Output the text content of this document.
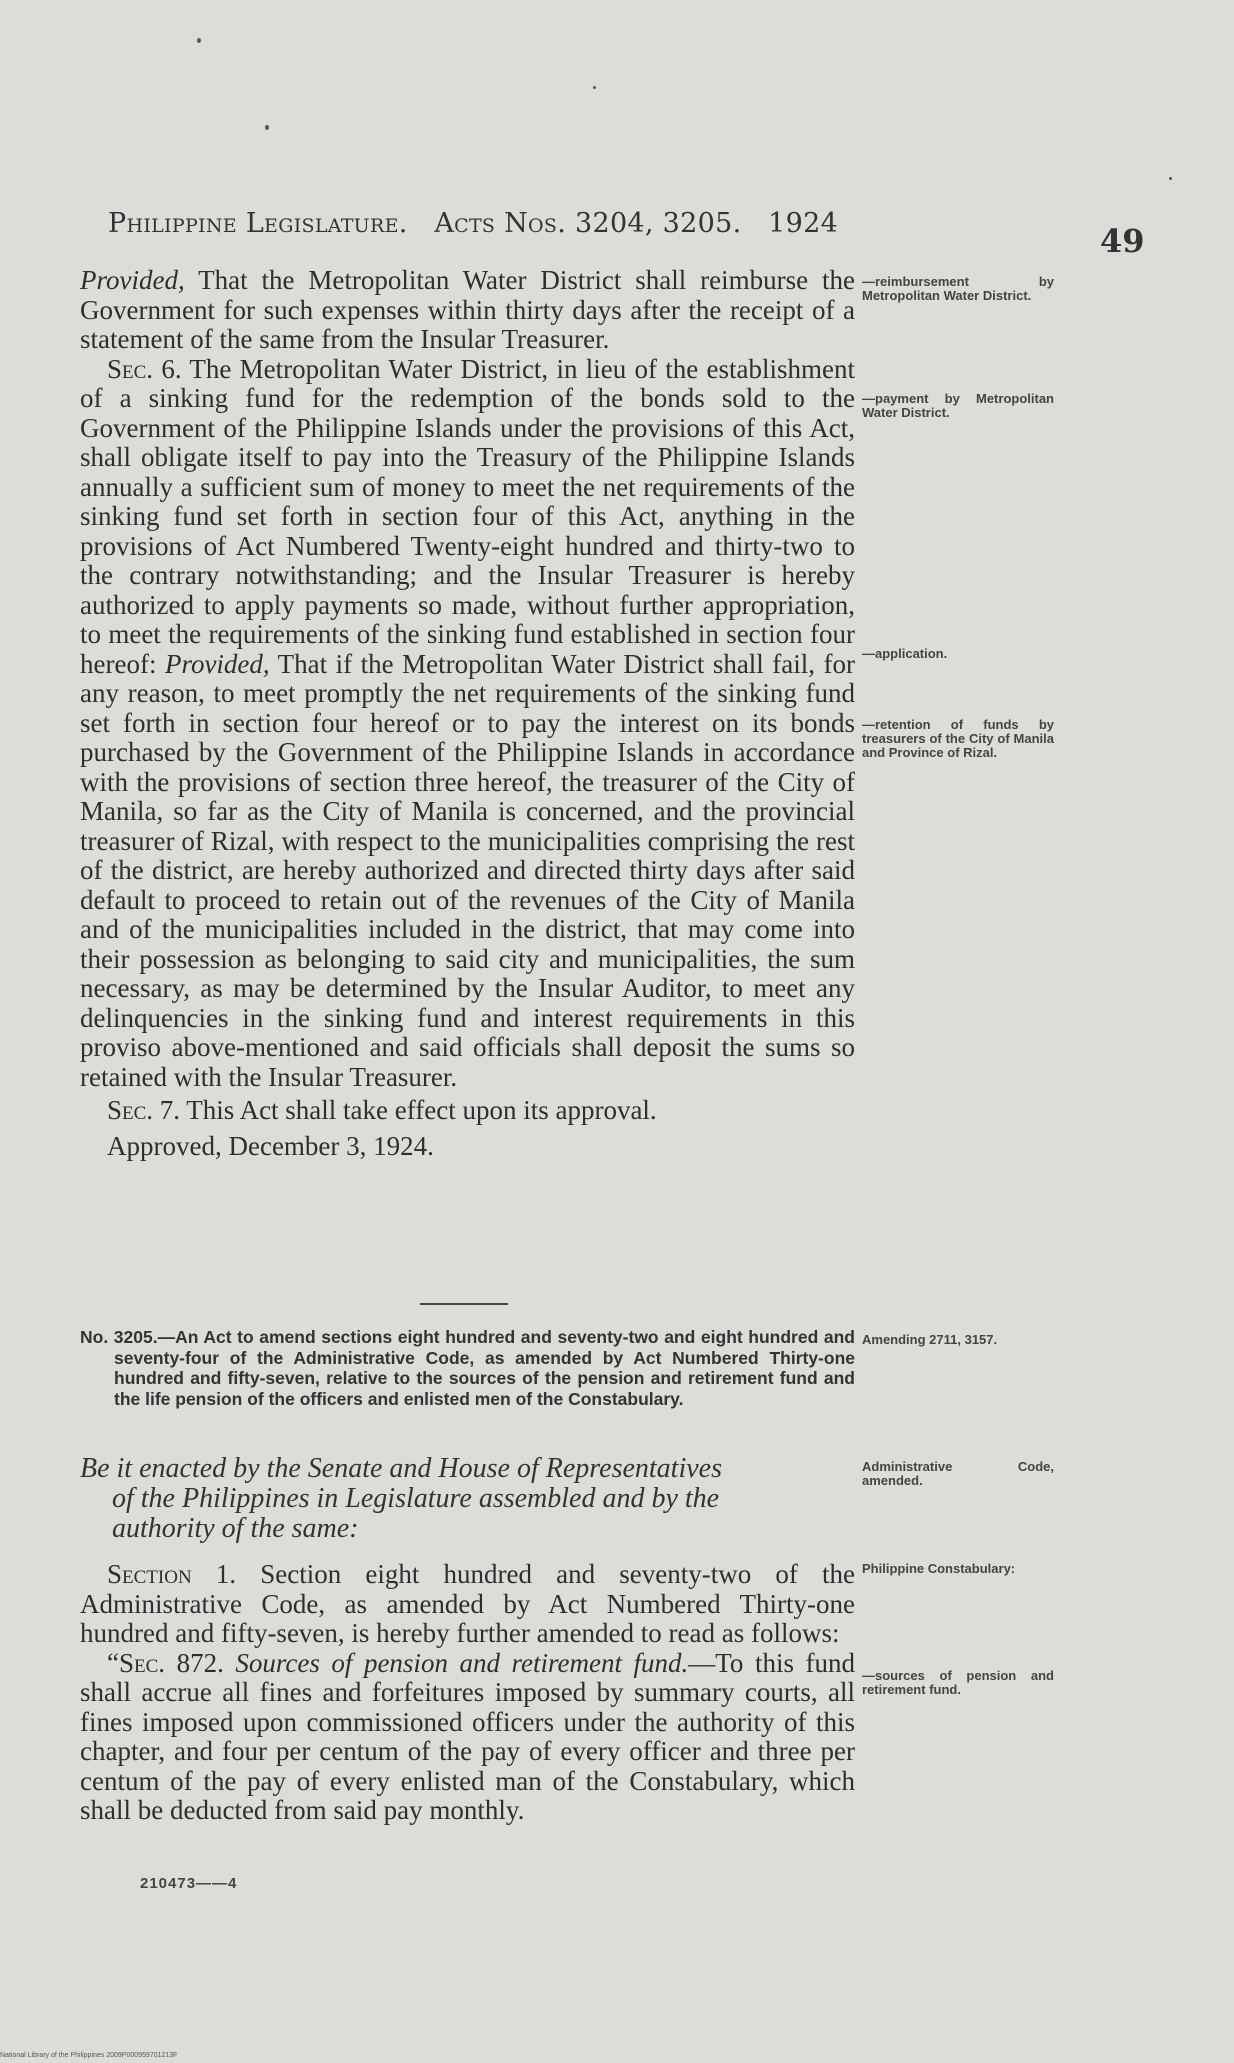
Philippine Legislature. Acts Nos. 3204, 3205. 1924	49

Provided, That the Metropolitan Water District shall reimburse the Government for such expenses within thirty days after the receipt of a statement of the same from the Insular Treasurer.

Sec. 6. The Metropolitan Water District, in lieu of the establishment of a sinking fund for the redemption of the bonds sold to the Government of the Philippine Islands under the provisions of this Act, shall obligate itself to pay into the Treasury of the Philippine Islands annually a sufficient sum of money to meet the net requirements of the sinking fund set forth in section four of this Act, anything in the provisions of Act Numbered Twenty-eight hundred and thirty-two to the contrary notwithstanding; and the Insular Treasurer is hereby authorized to apply payments so made, without further appropriation, to meet the requirements of the sinking fund established in section four hereof: Provided, That if the Metropolitan Water District shall fail, for any reason, to meet promptly the net requirements of the sinking fund set forth in section four hereof or to pay the interest on its bonds purchased by the Government of the Philippine Islands in accordance with the provisions of section three hereof, the treasurer of the City of Manila, so far as the City of Manila is concerned, and the provincial treasurer of Rizal, with respect to the municipalities comprising the rest of the district, are hereby authorized and directed thirty days after said default to proceed to retain out of the revenues of the City of Manila and of the municipalities included in the district, that may come into their possession as belonging to said city and municipalities, the sum necessary, as may be determined by the Insular Auditor, to meet any delinquencies in the sinking fund and interest requirements in this proviso above-mentioned and said officials shall deposit the sums so retained with the Insular Treasurer.

Sec. 7. This Act shall take effect upon its approval.

Approved, December 3, 1924.

No. 3205.—An Act to amend sections eight hundred and seventy-two and eight hundred and seventy-four of the Administrative Code, as amended by Act Numbered Thirty-one hundred and fifty-seven, relative to the sources of the pension and retirement fund and the life pension of the officers and enlisted men of the Constabulary.
Be it enacted by the Senate and House of Representatives
of the Philippines in Legislature assembled and by the
authority of the same:

Section 1. Section eight hundred and seventy-two of the Administrative Code, as amended by Act Numbered Thirty-one hundred and fifty-seven, is hereby further amended to read as follows:

“Sec. 872. Sources of pension and retirement fund.—To this fund shall accrue all fines and forfeitures imposed by summary courts, all fines imposed upon commissioned officers under the authority of this chapter, and four per centum of the pay of every officer and three per centum of the pay of every enlisted man of the Constabulary, which shall be deducted from said pay monthly.

—reimbursement by Metropolitan Water District.
—payment by Metropolitan Water District.
—application.
—retention of funds by treasurers of the City of Manila and Province of Rizal.
Amending 2711, 3157.
Administrative Code, amended.
Philippine Constabulary:
—sources of pension and retirement fund.
210473——4
National Library of the Philippines 2009P000959701213F
